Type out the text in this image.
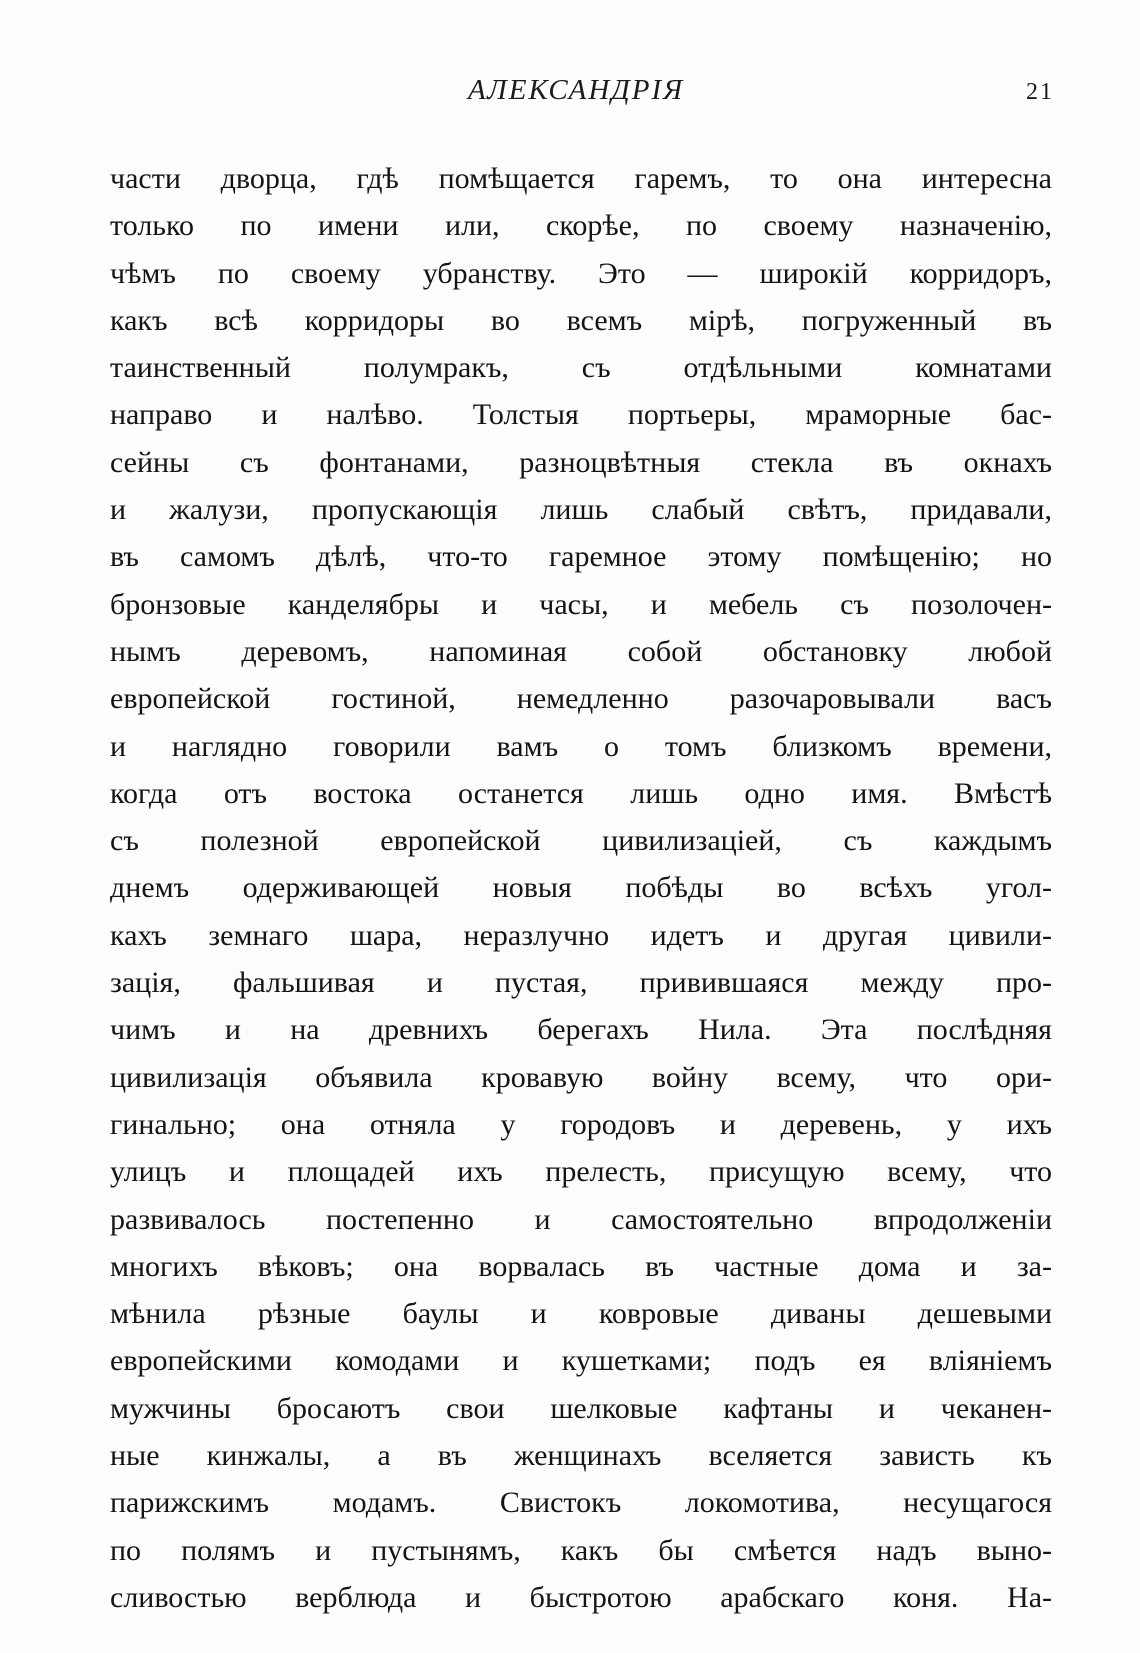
АЛЕКСАНДРІЯ	21
части дворца, гдѣ помѣщается гаремъ, то она интересна
только по имени или, скорѣе, по своему назначенію,
чѣмъ по своему убранству. Это — широкій корридоръ,
какъ всѣ корридоры во всемъ мірѣ, погруженный въ
таинственный полумракъ, съ отдѣльными комнатами
направо и налѣво. Толстыя портьеры, мраморные бас-
сейны съ фонтанами, разноцвѣтныя стекла въ окнахъ
и жалузи, пропускающія лишь слабый свѣтъ, придавали,
въ самомъ дѣлѣ, что-то гаремное этому помѣщенію; но
бронзовые канделябры и часы, и мебель съ позолочен-
нымъ деревомъ, напоминая собой обстановку любой
европейской гостиной, немедленно разочаровывали васъ
и наглядно говорили вамъ о томъ близкомъ времени,
когда отъ востока останется лишь одно имя. Вмѣстѣ
съ полезной европейской цивилизаціей, съ каждымъ
днемъ одерживающей новыя побѣды во всѣхъ угол-
кахъ земнаго шара, неразлучно идетъ и другая цивили-
зація, фальшивая и пустая, привившаяся между про-
чимъ и на древнихъ берегахъ Нила. Эта послѣдняя
цивилизація объявила кровавую войну всему, что ори-
гинально; она отняла у городовъ и деревень, у ихъ
улицъ и площадей ихъ прелесть, присущую всему, что
развивалось постепенно и самостоятельно впродолженіи
многихъ вѣковъ; она ворвалась въ частные дома и за-
мѣнила рѣзные баулы и ковровые диваны дешевыми
европейскими комодами и кушетками; подъ ея вліяніемъ
мужчины бросаютъ свои шелковые кафтаны и чеканен-
ные кинжалы, а въ женщинахъ вселяется зависть къ
парижскимъ модамъ. Свистокъ локомотива, несущагося
по полямъ и пустынямъ, какъ бы смѣется надъ выно-
сливостью верблюда и быстротою арабскаго коня. На-
